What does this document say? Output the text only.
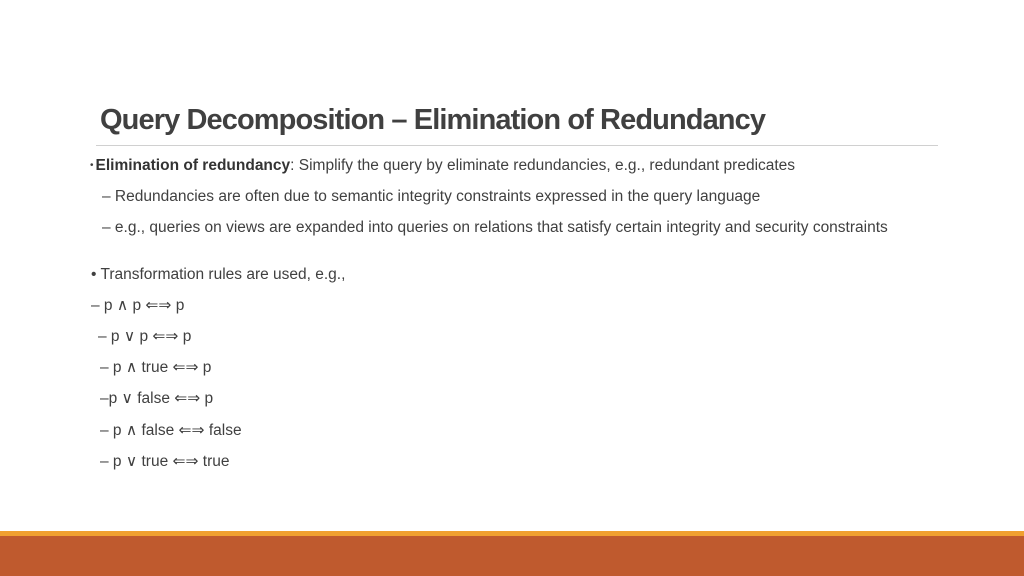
Query Decomposition – Elimination of Redundancy
• Elimination of redundancy: Simplify the query by eliminate redundancies, e.g., redundant predicates
– Redundancies are often due to semantic integrity constraints expressed in the query language
– e.g., queries on views are expanded into queries on relations that satisfy certain integrity and security constraints
• Transformation rules are used, e.g.,
– p ∧ p ⇐⇒ p
– p ∨ p ⇐⇒ p
– p ∧ true ⇐⇒ p
–p ∨ false ⇐⇒ p
– p ∧ false ⇐⇒ false
– p ∨ true ⇐⇒ true
